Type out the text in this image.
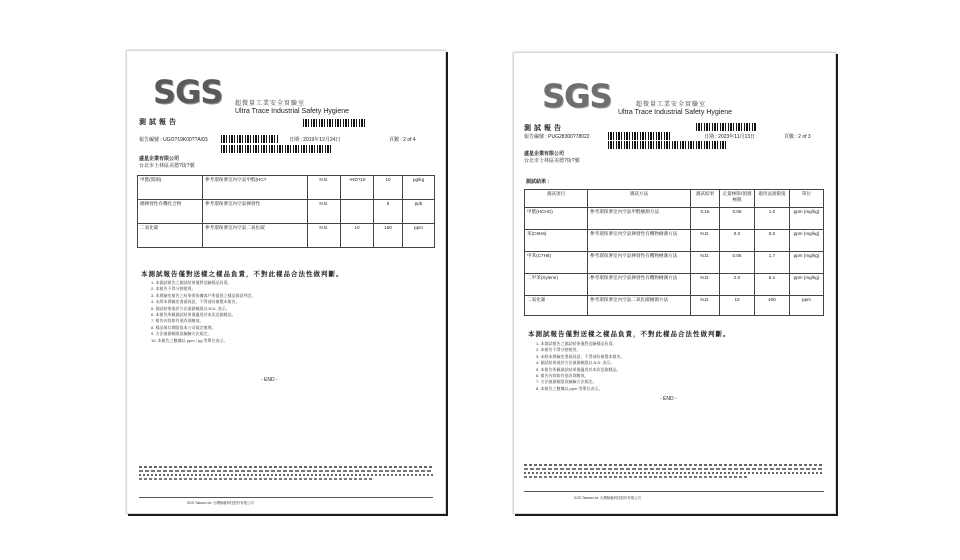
SGS 超微量工業安全實驗室
Ultra Trace Industrial Safety Hygiene
測試報告
報告編號 : UGO?19K00??A/03	日期 : 2019年12月24日	頁數 : 2 of 4
盛星企業有限公司
台北市士林區美德?街?號
甲醛(間測)	參考環保署室內空氣甲醛(HC?	N.D.	~ND?10	10	μg/kg
總揮發性有機化合物	參考環保署室內空氣揮發性	N.D.		5	ppb
二氧化碳	參考環保署室內空氣二氧化碳	N.D.	10	150	ppm
本測試報告僅對送樣之樣品負責，不對此樣品合法性做判斷。
1. 本測試報告之測試結果僅對送驗樣品負責。
2. 本報告不得分割使用。
3. 本實驗室報告之結果係依據客戶所提供之樣品資訊判定。
4. 未經本實驗室書面同意，不得部份複製本報告。
5. 測試結果低於方法偵測極限以 N.D. 表示。
6. 本報告所載測試結果僅適用於本次送測樣品。
7. 報告內容如有塗改則無效。
8. 樣品保存期限依本公司規定辦理。
9. 方法偵測極限依檢驗方法規定。
10. 本報告之數據以 ppm / μg 等單位表示。
- END -
SGS Taiwan Ltd. 台灣檢驗科技股份有限公司
SGS	超微量工業安全實驗室
Ultra Trace Industrial Safety Hygiene
測試報告
報告編號 : PUG28300?78022	日期 : 2023年11月13日	頁數 : 2 of 3
盛星企業有限公司
台北市士林區美德?街?號
測試結果 :
測試項目	測試方法	測試結果	定量極限/偵測極限	適用法規限值	單位
甲醛(HCHO)	參考環保署室內空氣甲醛檢測方法	0.15	0.05	1.0	ppm (mg/kg)
苯(C6H6)	參考環保署室內空氣揮發性有機物檢測方法	N.D.	0.2	5.0	ppm (mg/kg)
甲苯(C7H8)	參考環保署室內空氣揮發性有機物檢測方法	N.D.	0.05	1.7	ppm (mg/kg)
二甲苯(Xylene)	參考環保署室內空氣揮發性有機物檢測方法	N.D.	2.0	5.1	ppm (mg/kg)
二氧化碳	參考環保署室內空氣二氧化碳檢測方法	N.D.	10	400	ppm
本測試報告僅對送樣之樣品負責，不對此樣品合法性做判斷。
1. 本測試報告之測試結果僅對送驗樣品負責。
2. 本報告不得分割使用。
3. 未經本實驗室書面同意，不得部份複製本報告。
4. 測試結果低於方法偵測極限以 N.D. 表示。
5. 本報告所載測試結果僅適用於本次送測樣品。
6. 報告內容如有塗改則無效。
7. 方法偵測極限依檢驗方法規定。
8. 本報告之數據以 ppm 等單位表示。
- END -
SGS Taiwan Ltd. 台灣檢驗科技股份有限公司
